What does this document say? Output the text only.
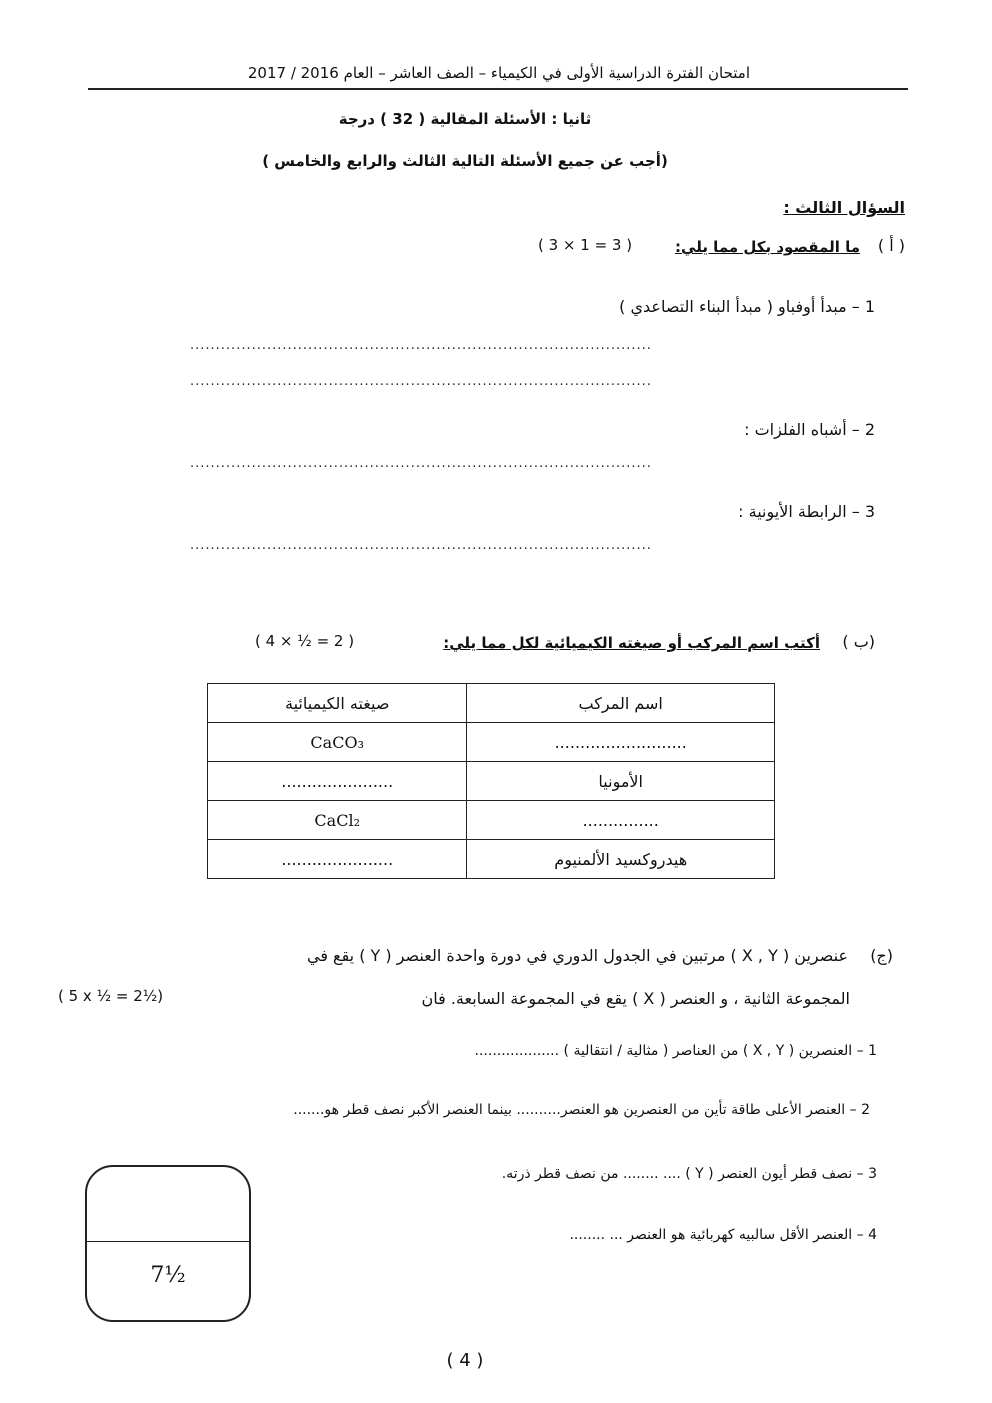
امتحان الفترة الدراسية الأولى في الكيمياء – الصف العاشر – العام 2016 / 2017
ثانيا : الأسئلة المقالية ( 32 ) درجة
(أجب عن جميع الأسئلة التالية الثالث والرابع والخامس )
السؤال الثالث :
( أ )
ما المقصود بكل مما يلي:
( 3 × 1 = 3 )
1 – مبدأ أوفباو ( مبدأ البناء التصاعدي )
..........................................................................................
..........................................................................................
2 – أشباه الفلزات :
..........................................................................................
3 – الرابطة الأيونية :
..........................................................................................
(ب )
أكتب اسم المركب أو صيغته الكيميائية لكل مما يلي:
( 4 × ½ = 2 )
صيغته الكيميائية	اسم المركب
CaCO₃	..........................
......................	الأمونيا
CaCl₂	...............
......................	هيدروكسيد الألمنيوم
(ج)
عنصرين ( X , Y ) مرتبين في الجدول الدوري في دورة واحدة العنصر ( Y ) يقع في
المجموعة الثانية ، و العنصر ( X ) يقع في المجموعة السابعة. فان
( 5 x ½ = 2½)
1 – العنصرين ( X , Y ) من العناصر ( مثالية / انتقالية ) ...................
2 – العنصر الأعلى طاقة تأين من العنصرين هو العنصر.......... بينما العنصر الأكبر نصف قطر هو.......
3 – نصف قطر أيون العنصر ( Y ) .... ........ من نصف قطر ذرته.
4 – العنصر الأقل سالبيه كهربائية هو العنصر ... ........
7½
( 4 )
